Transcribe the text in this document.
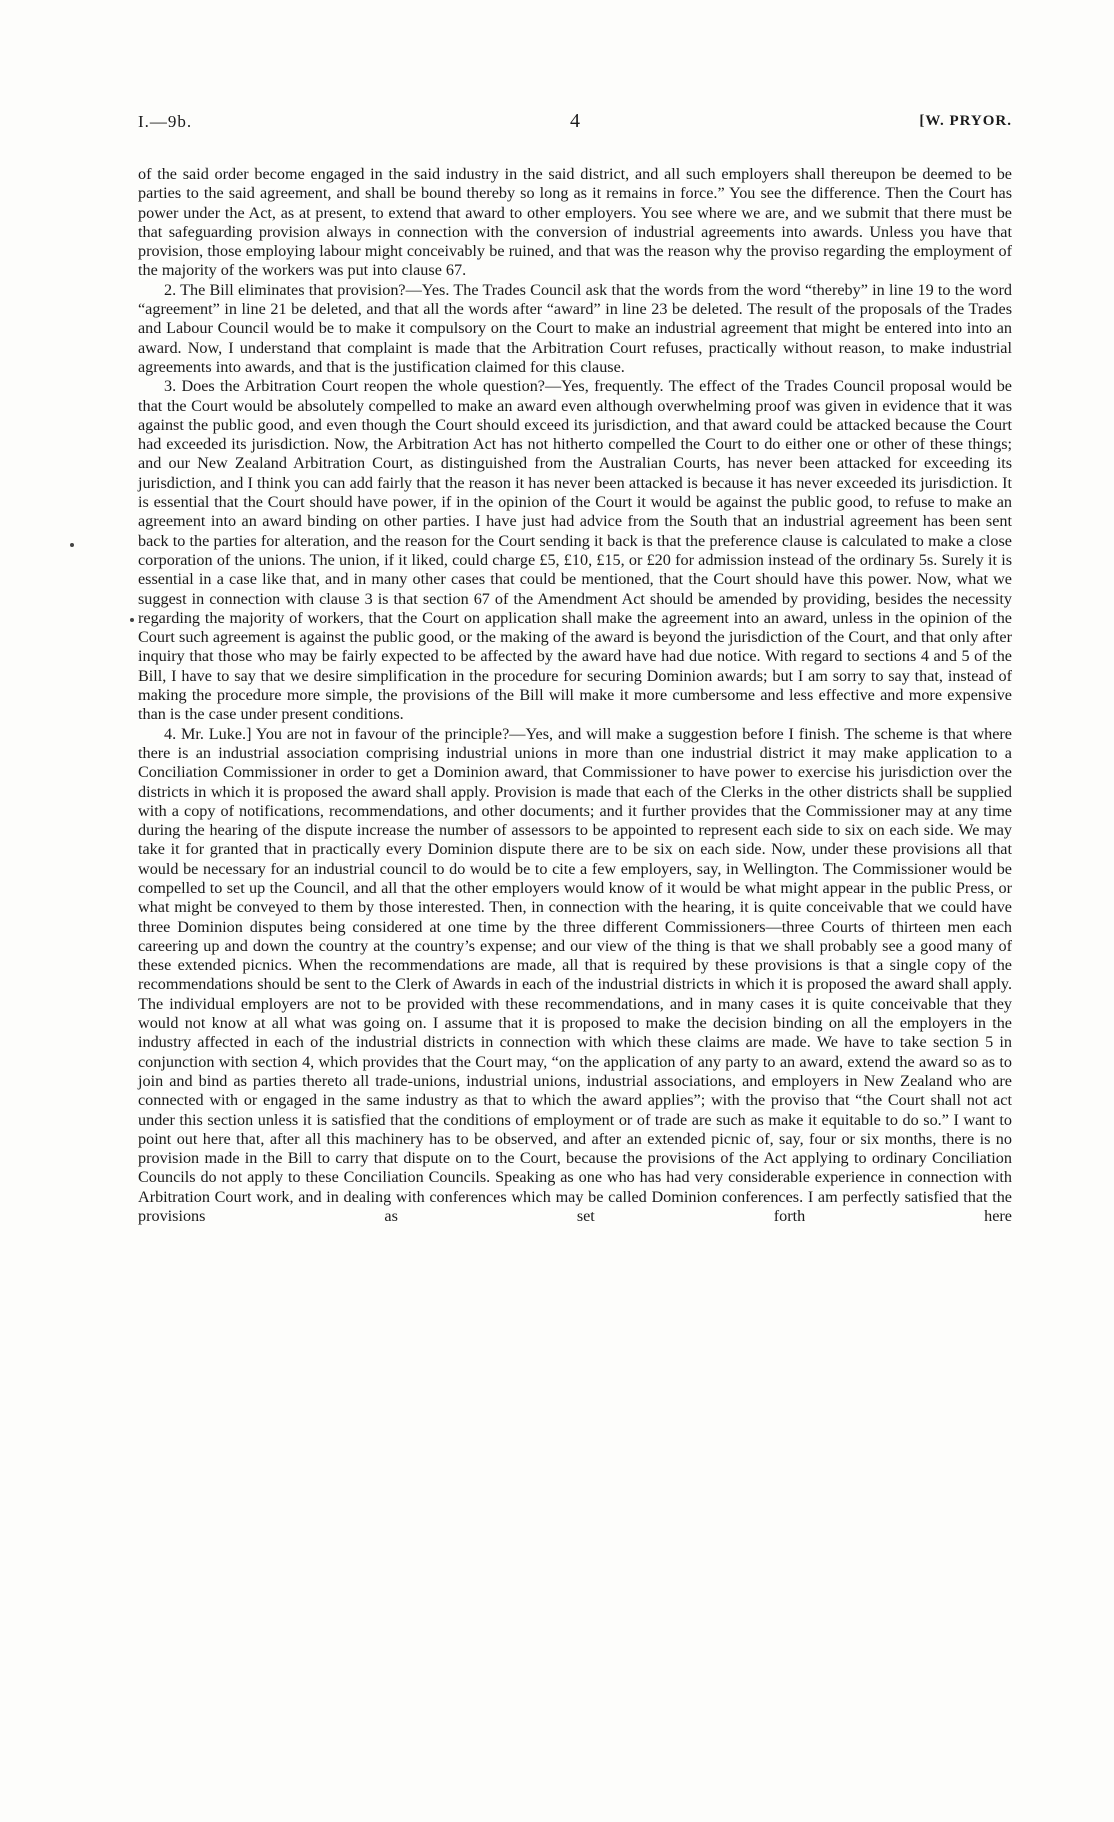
I.—9b.	4	[W. PRYOR.

of the said order become engaged in the said industry in the said district, and all such employers shall thereupon be deemed to be parties to the said agreement, and shall be bound thereby so long as it remains in force.” You see the difference. Then the Court has power under the Act, as at present, to extend that award to other employers. You see where we are, and we submit that there must be that safeguarding provision always in connection with the conversion of industrial agreements into awards. Unless you have that provision, those employing labour might conceivably be ruined, and that was the reason why the proviso regarding the employment of the majority of the workers was put into clause 67.

2. The Bill eliminates that provision?—Yes. The Trades Council ask that the words from the word “thereby” in line 19 to the word “agreement” in line 21 be deleted, and that all the words after “award” in line 23 be deleted. The result of the proposals of the Trades and Labour Council would be to make it compulsory on the Court to make an industrial agreement that might be entered into into an award. Now, I understand that complaint is made that the Arbitration Court refuses, practically without reason, to make industrial agreements into awards, and that is the justification claimed for this clause.

3. Does the Arbitration Court reopen the whole question?—Yes, frequently. The effect of the Trades Council proposal would be that the Court would be absolutely compelled to make an award even although overwhelming proof was given in evidence that it was against the public good, and even though the Court should exceed its jurisdiction, and that award could be attacked because the Court had exceeded its jurisdiction. Now, the Arbitration Act has not hitherto compelled the Court to do either one or other of these things; and our New Zealand Arbitration Court, as distinguished from the Australian Courts, has never been attacked for exceeding its jurisdiction, and I think you can add fairly that the reason it has never been attacked is because it has never exceeded its jurisdiction. It is essential that the Court should have power, if in the opinion of the Court it would be against the public good, to refuse to make an agreement into an award binding on other parties. I have just had advice from the South that an industrial agreement has been sent back to the parties for alteration, and the reason for the Court sending it back is that the preference clause is calculated to make a close corporation of the unions. The union, if it liked, could charge £5, £10, £15, or £20 for admission instead of the ordinary 5s. Surely it is essential in a case like that, and in many other cases that could be mentioned, that the Court should have this power. Now, what we suggest in connection with clause 3 is that section 67 of the Amendment Act should be amended by providing, besides the necessity regarding the majority of workers, that the Court on application shall make the agreement into an award, unless in the opinion of the Court such agreement is against the public good, or the making of the award is beyond the jurisdiction of the Court, and that only after inquiry that those who may be fairly expected to be affected by the award have had due notice. With regard to sections 4 and 5 of the Bill, I have to say that we desire simplification in the procedure for securing Dominion awards; but I am sorry to say that, instead of making the procedure more simple, the provisions of the Bill will make it more cumbersome and less effective and more expensive than is the case under present conditions.

4. Mr. Luke.] You are not in favour of the principle?—Yes, and will make a suggestion before I finish. The scheme is that where there is an industrial association comprising industrial unions in more than one industrial district it may make application to a Conciliation Commissioner in order to get a Dominion award, that Commissioner to have power to exercise his jurisdiction over the districts in which it is proposed the award shall apply. Provision is made that each of the Clerks in the other districts shall be supplied with a copy of notifications, recommendations, and other documents; and it further provides that the Commissioner may at any time during the hearing of the dispute increase the number of assessors to be appointed to represent each side to six on each side. We may take it for granted that in practically every Dominion dispute there are to be six on each side. Now, under these provisions all that would be necessary for an industrial council to do would be to cite a few employers, say, in Wellington. The Commissioner would be compelled to set up the Council, and all that the other employers would know of it would be what might appear in the public Press, or what might be conveyed to them by those interested. Then, in connection with the hearing, it is quite conceivable that we could have three Dominion disputes being considered at one time by the three different Commissioners—three Courts of thirteen men each careering up and down the country at the country’s expense; and our view of the thing is that we shall probably see a good many of these extended picnics. When the recommendations are made, all that is required by these provisions is that a single copy of the recommendations should be sent to the Clerk of Awards in each of the industrial districts in which it is proposed the award shall apply. The individual employers are not to be provided with these recommendations, and in many cases it is quite conceivable that they would not know at all what was going on. I assume that it is proposed to make the decision binding on all the employers in the industry affected in each of the industrial districts in connection with which these claims are made. We have to take section 5 in conjunction with section 4, which provides that the Court may, “on the application of any party to an award, extend the award so as to join and bind as parties thereto all trade-unions, industrial unions, industrial associations, and employers in New Zealand who are connected with or engaged in the same industry as that to which the award applies”; with the proviso that “the Court shall not act under this section unless it is satisfied that the conditions of employment or of trade are such as make it equitable to do so.” I want to point out here that, after all this machinery has to be observed, and after an extended picnic of, say, four or six months, there is no provision made in the Bill to carry that dispute on to the Court, because the provisions of the Act applying to ordinary Conciliation Councils do not apply to these Conciliation Councils. Speaking as one who has had very considerable experience in connection with Arbitration Court work, and in dealing with conferences which may be called Dominion conferences. I am perfectly satisfied that the provisions as set forth here
